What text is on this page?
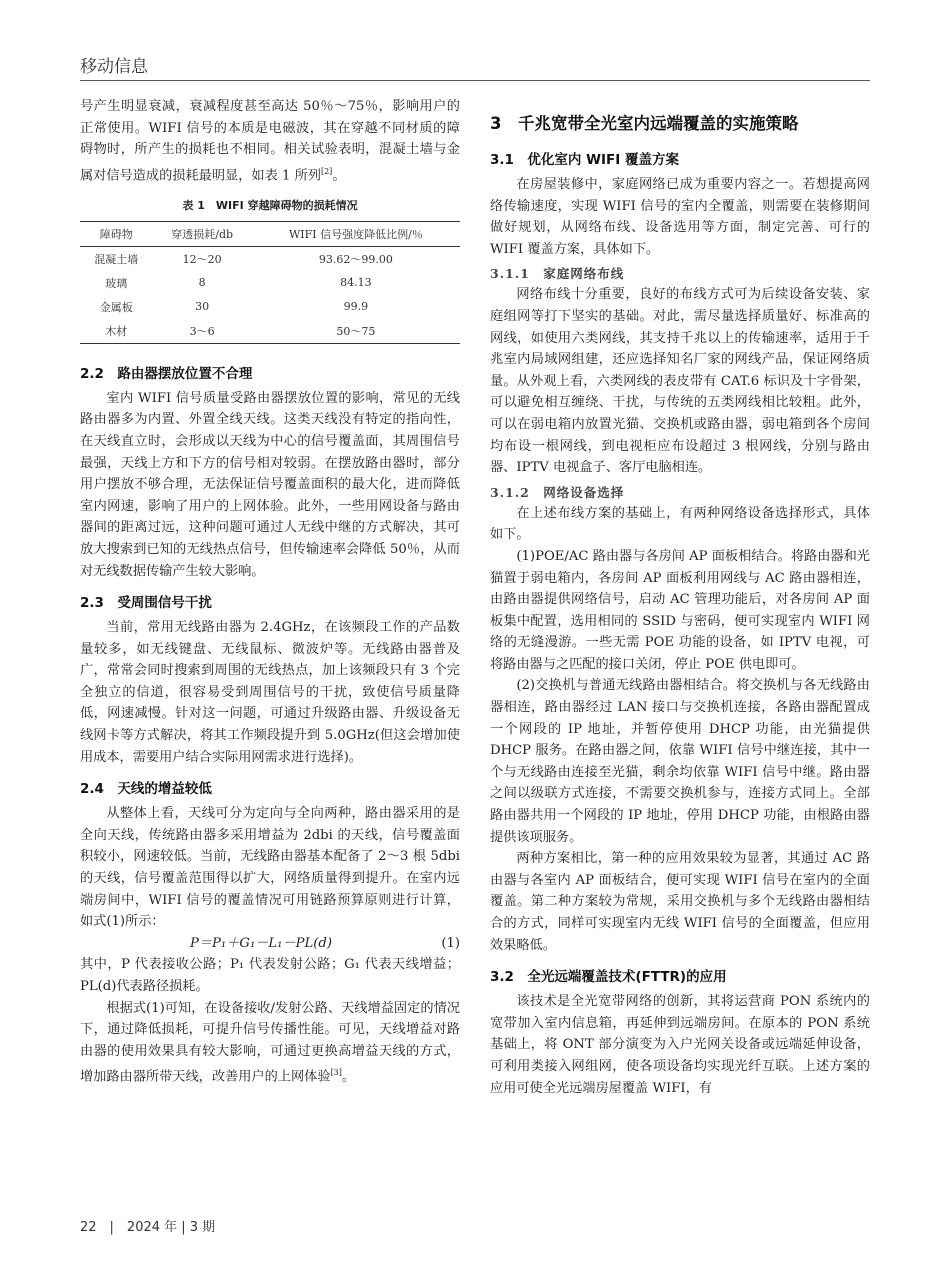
移动信息

号产生明显衰减，衰减程度甚至高达 50％～75％，影响用户的正常使用。WIFI 信号的本质是电磁波，其在穿越不同材质的障碍物时，所产生的损耗也不相同。相关试验表明，混凝土墙与金属对信号造成的损耗最明显，如表 1 所列[2]。

表 1　WIFI 穿越障碍物的损耗情况
障碍物	穿透损耗/db	WIFI 信号强度降低比例/％
混凝土墙	12～20	93.62～99.00
玻璃	8	84.13
金属板	30	99.9
木材	3～6	50～75
2.2　路由器摆放位置不合理

室内 WIFI 信号质量受路由器摆放位置的影响，常见的无线路由器多为内置、外置全线天线。这类天线没有特定的指向性，在天线直立时，会形成以天线为中心的信号覆盖面，其周围信号最强，天线上方和下方的信号相对较弱。在摆放路由器时，部分用户摆放不够合理，无法保证信号覆盖面积的最大化，进而降低室内网速，影响了用户的上网体验。此外，一些用网设备与路由器间的距离过远，这种问题可通过人无线中继的方式解决，其可放大搜索到已知的无线热点信号，但传输速率会降低 50％，从而对无线数据传输产生较大影响。

2.3　受周围信号干扰

当前，常用无线路由器为 2.4GHz，在该频段工作的产品数量较多，如无线键盘、无线鼠标、微波炉等。无线路由器普及广，常常会同时搜索到周围的无线热点，加上该频段只有 3 个完全独立的信道，很容易受到周围信号的干扰，致使信号质量降低，网速减慢。针对这一问题，可通过升级路由器、升级设备无线网卡等方式解决，将其工作频段提升到 5.0GHz(但这会增加使用成本，需要用户结合实际用网需求进行选择)。

2.4　天线的增益较低

从整体上看，天线可分为定向与全向两种，路由器采用的是全向天线，传统路由器多采用增益为 2dbi 的天线，信号覆盖面积较小，网速较低。当前，无线路由器基本配备了 2～3 根 5dbi 的天线，信号覆盖范围得以扩大，网络质量得到提升。在室内远端房间中，WIFI 信号的覆盖情况可用链路预算原则进行计算，如式(1)所示：

P＝P₁＋G₁－L₁－PL(d)	(1)

其中，P 代表接收公路；P₁ 代表发射公路；G₁ 代表天线增益；PL(d)代表路径损耗。

根据式(1)可知，在设备接收/发射公路、天线增益固定的情况下，通过降低损耗，可提升信号传播性能。可见，天线增益对路由器的使用效果具有较大影响，可通过更换高增益天线的方式，增加路由器所带天线，改善用户的上网体验[3]。

3　千兆宽带全光室内远端覆盖的实施策略
3.1　优化室内 WIFI 覆盖方案

在房屋装修中，家庭网络已成为重要内容之一。若想提高网络传输速度，实现 WIFI 信号的室内全覆盖，则需要在装修期间做好规划，从网络布线、设备选用等方面，制定完善、可行的 WIFI 覆盖方案，具体如下。

3.1.1　家庭网络布线

网络布线十分重要，良好的布线方式可为后续设备安装、家庭组网等打下坚实的基础。对此，需尽量选择质量好、标准高的网线，如使用六类网线，其支持千兆以上的传输速率，适用于千兆室内局域网组建，还应选择知名厂家的网线产品，保证网络质量。从外观上看，六类网线的表皮带有 CAT.6 标识及十字骨架，可以避免相互缠绕、干扰，与传统的五类网线相比较粗。此外，可以在弱电箱内放置光猫、交换机或路由器，弱电箱到各个房间均布设一根网线，到电视柜应布设超过 3 根网线，分别与路由器、IPTV 电视盒子、客厅电脑相连。

3.1.2　网络设备选择

在上述布线方案的基础上，有两种网络设备选择形式，具体如下。

(1)POE/AC 路由器与各房间 AP 面板相结合。将路由器和光猫置于弱电箱内，各房间 AP 面板利用网线与 AC 路由器相连，由路由器提供网络信号，启动 AC 管理功能后，对各房间 AP 面板集中配置，选用相同的 SSID 与密码，便可实现室内 WIFI 网络的无缝漫游。一些无需 POE 功能的设备，如 IPTV 电视，可将路由器与之匹配的接口关闭，停止 POE 供电即可。

(2)交换机与普通无线路由器相结合。将交换机与各无线路由器相连，路由器经过 LAN 接口与交换机连接，各路由器配置成一个网段的 IP 地址，并暂停使用 DHCP 功能，由光猫提供 DHCP 服务。在路由器之间，依靠 WIFI 信号中继连接，其中一个与无线路由连接至光猫，剩余均依靠 WIFI 信号中继。路由器之间以级联方式连接，不需要交换机参与，连接方式同上。全部路由器共用一个网段的 IP 地址，停用 DHCP 功能，由根路由器提供该项服务。

两种方案相比，第一种的应用效果较为显著，其通过 AC 路由器与各室内 AP 面板结合，便可实现 WIFI 信号在室内的全面覆盖。第二种方案较为常规，采用交换机与多个无线路由器相结合的方式，同样可实现室内无线 WIFI 信号的全面覆盖，但应用效果略低。

3.2　全光远端覆盖技术(FTTR)的应用

该技术是全光宽带网络的创新，其将运营商 PON 系统内的宽带加入室内信息箱，再延伸到远端房间。在原本的 PON 系统基础上，将 ONT 部分演变为入户光网关设备或远端延伸设备，可利用类接入网组网，使各项设备均实现光纤互联。上述方案的应用可使全光远端房屋覆盖 WIFI，有

22　|　2024 年 | 3 期
